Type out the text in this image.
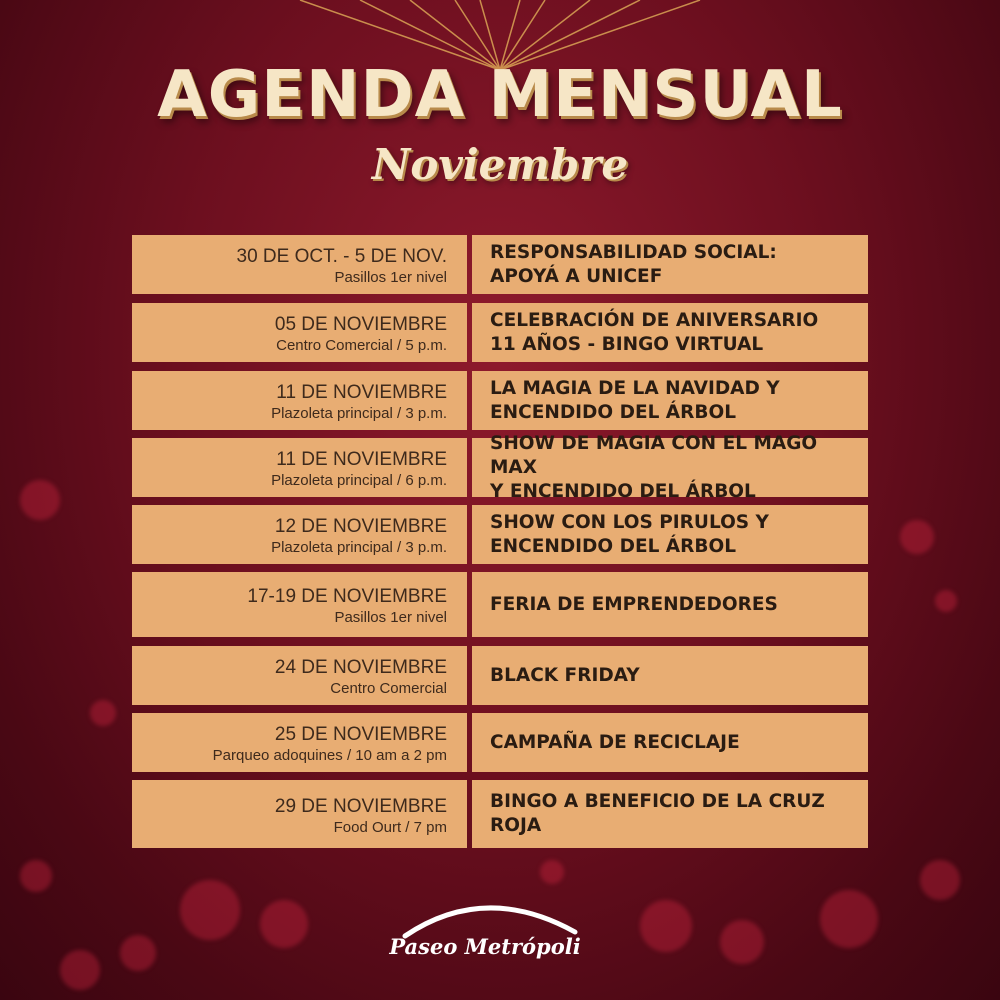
AGENDA MENSUAL
Noviembre
30 DE OCT. - 5 DE NOV.
Pasillos 1er nivel
RESPONSABILIDAD SOCIAL:
APOYÁ A UNICEF
05 DE NOVIEMBRE
Centro Comercial / 5 p.m.
CELEBRACIÓN DE ANIVERSARIO
11 AÑOS - BINGO VIRTUAL
11 DE NOVIEMBRE
Plazoleta principal / 3 p.m.
LA MAGIA DE LA NAVIDAD Y
ENCENDIDO DEL ÁRBOL
11 DE NOVIEMBRE
Plazoleta principal / 6 p.m.
SHOW DE MAGIA CON EL MAGO MAX
Y ENCENDIDO DEL ÁRBOL
12 DE NOVIEMBRE
Plazoleta principal / 3 p.m.
SHOW CON LOS PIRULOS Y
ENCENDIDO DEL ÁRBOL
17-19 DE NOVIEMBRE
Pasillos 1er nivel
FERIA DE EMPRENDEDORES
24 DE NOVIEMBRE
Centro Comercial
BLACK FRIDAY
25 DE NOVIEMBRE
Parqueo adoquines / 10 am a 2 pm
CAMPAÑA DE RECICLAJE
29 DE NOVIEMBRE
Food Ourt / 7 pm
BINGO A BENEFICIO DE LA CRUZ ROJA
Paseo Metrópoli
